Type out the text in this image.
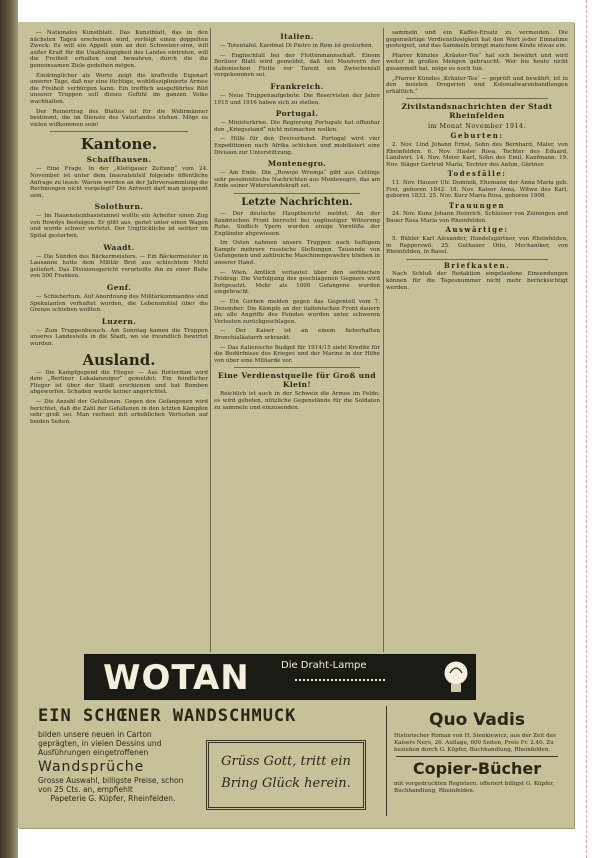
— Nationales Kunstblatt. Das Kunstblatt, das in den nächsten Tagen erscheinen wird, verfolgt einen doppelten Zweck: Es will ein Appell sein an den Schweizer-sinn, will außer Kraft für die Unabhängigkeit des Landes eintreten, will die Freiheit erhalten und bewahren, durch die die gemeinsamen Ziele gedeihen mögen.

Eindringlicher als Worte zeigt die kraftvolle Eigenart unserer Tage, daß nur eine tüchtige, wohldisziplinierte Armee die Freiheit verbürgen kann. Ein trefflich ausgeführtes Bild unserer Truppen soll dieses Gefühl im ganzen Volke wachhalten.

Der Reinertrag des Blattes ist für die Wehrmänner bestimmt, die im Dienste des Vaterlandes stehen. Möge es vielen willkommen sein!

Kantone.
Schaffhausen.

— Eine Frage. In der „Klettgauer Zeitung“ vom 24. November ist unter dem Inseratenteil folgende öffentliche Anfrage zu lesen: Warum werden an der Jahrversammlung die Rechnungen nicht vorgelegt? Die Antwort darf man gespannt sein.

Solothurn.

— Im Hauensteinbasistunnel wollte ein Arbeiter einen Zug von Rowdys besteigen. Er glitt aus, geriet unter einen Wagen und wurde schwer verletzt. Der Unglückliche ist seither im Spital gestorben.

Waadt.

— Die Sünden des Bäckermeisters. — Ein Bäckermeister in Lausanne hatte dem Militär Brot aus schlechtem Mehl geliefert. Das Divisionsgericht verurteilte ihn zu einer Buße von 500 Franken.

Genf.

— Schiebertum. Auf Anordnung des Militärkommandos sind Spekulanten verhaftet worden, die Lebensmittel über die Grenze schieben wollten.

Luzern.

— Zum Truppenbesuch. Am Sonntag kamen die Truppen unseres Landesteils in die Stadt, wo sie freundlich bewirtet wurden.

Ausland.

— Die Kampfgegend die Flieger. — Aus Rotterdam wird dem „Berliner Lokalanzeiger“ gemeldet: Ein feindlicher Flieger ist über der Stadt erschienen und hat Bomben abgeworfen. Schaden wurde keiner angerichtet.

— Die Anzahl der Gefallenen. Gegen den Gefangenen wird berichtet, daß die Zahl der Gefallenen in den letzten Kämpfen sehr groß sei. Man rechnet mit erheblichen Verlusten auf beiden Seiten.

Italien.

— Totentafel. Kardinal Di Pietro in Rom ist gestorben.

— Englischfall bei der Flottenmannschaft. Einem Berliner Blatt wird gemeldet, daß bei Manövern der italienischen Flotte vor Tarent ein Zwischenfall vorgekommen sei.

Frankreich.

— Neue Truppenaufgebote. Die Reservisten der Jahre 1915 und 1916 haben sich zu stellen.

Portugal.

— Ministerkrise. Die Regierung Portugals hat offenbar den „Kriegsstand“ nicht mitmachen wollen.

— Hilfe für den Dreiverband. Portugal wird vier Expeditionen nach Afrika schicken und mobilisiert eine Division zur Unterstützung.

Montenegro.

— Am Ende. Die „Rowoje Wremja“ gibt aus Cettinje sehr pessimistische Nachrichten aus Montenegro, das am Ende seiner Widerstandskraft sei.

Letzte Nachrichten.

— Der deutsche Hauptbericht meldet: An der flandrischen Front herrscht bei ungünstiger Witterung Ruhe. Südlich Ypern wurden einige Vorstöße der Engländer abgewiesen.

Im Osten nahmen unsere Truppen nach heftigem Kampfe mehrere russische Stellungen. Tausende von Gefangenen und zahlreiche Maschinengewehre blieben in unserer Hand.

— Wien. Amtlich verlautet über den serbischen Feldzug: Die Verfolgung des geschlagenen Gegners wird fortgesetzt. Mehr als 1000 Gefangene wurden eingebracht.

— Ein Gerben melden gegen das Gegenteil vom 7. Dezember: Die Kämpfe an der italienischen Front dauern an; alle Angriffe des Feindes wurden unter schweren Verlusten zurückgeschlagen.

— Der Kaiser ist an einem fieberhaften Bronchialkatarrh erkrankt.

— Das italienische Budget für 1914/15 sieht Kredite für die Bedürfnisse des Krieges und der Marine in der Höhe von über eine Milliarde vor.

Eine Verdienstquelle für Groß und Klein!

Reichlich ist auch in der Schweiz die Armee im Felde; es wird gebeten, nützliche Gegenstände für die Soldaten zu sammeln und einzusenden.

sammeln und ein Kaffee-Ersatz zu vermeiden. Die gegenwärtige Verdienstlosigkeit hat den Wert jeder Einnahme gesteigert, und das Sammeln bringt manchem Kinde etwas ein.

Pfarrer Künzles „Kräuter-Tee“ hat sich bewährt und wird weiter in großen Mengen gebraucht. Wer bis heute nicht gesammelt hat, möge es noch tun.

„Pfarrer Künzles ‚Kräuter-Tee‘ — geprüft und bewährt, ist in den meisten Drogerien und Kolonialwarenhandlungen erhältlich.“

Zivilstandsnachrichten der Stadt Rheinfelden
im Monat November 1914.
Geburten:

2. Nov. Lind Johann Ernst, Sohn des Bernhard, Maler, von Rheinfelden. 6. Nov. Hasler Rosa, Tochter des Eduard, Landwirt. 14. Nov. Meier Karl, Sohn des Emil, Kaufmann. 19. Nov. Stäger Gertrud Maria, Tochter des Anton, Gärtner.

Todesfälle:

11. Nov. Hauser Ulr. Dominik, Ehemann der Anna Maria geb. Frei, geboren 1842. 18. Nov. Kaiser Anna, Witwe des Karl, geboren 1833. 25. Nov. Kurz Maria Rosa, geboren 1908.

Trauungen

24. Nov. Kunz Johann Heinrich, Schlosser von Zeiningen und Bauer Rosa Maria von Rheinfelden.

Auswärtige:

5. Bühler Karl Alexander, Handelsgärtner, von Rheinfelden, in Rapperswil. 25. Guthauer Otto, Mechaniker, von Rheinfelden, in Basel.

Briefkasten.

Nach Schluß der Redaktion eingelaufene Einsendungen können für die Tagesnummer nicht mehr berücksichtigt werden.

WOTAN	Die Draht-Lampe
EIN SCHŒNER WANDSCHMUCK
bilden unsere neuen in Carton geprägten, in vielen Dessins und Ausführungen eingetroffenen
Wandsprüche
Grosse Auswahl, billigste Preise, schon von 25 Cts. an, empfiehlt
Papeterie G. Küpfer, Rheinfelden.
Grüss Gott, tritt ein
Bring Glück herein.
Quo Vadis
Historischer Roman von H. Sienkiewicz, aus der Zeit des Kaisers Nero, 26. Auflage, 609 Seiten, Preis Fr. 2.40. Zu beziehen durch G. Küpfer, Buchhandlung, Rheinfelden.
Copier-Bücher
mit vorgedruckten Registern, offeriert billigst G. Küpfer, Buchhandlung, Rheinfelden.
